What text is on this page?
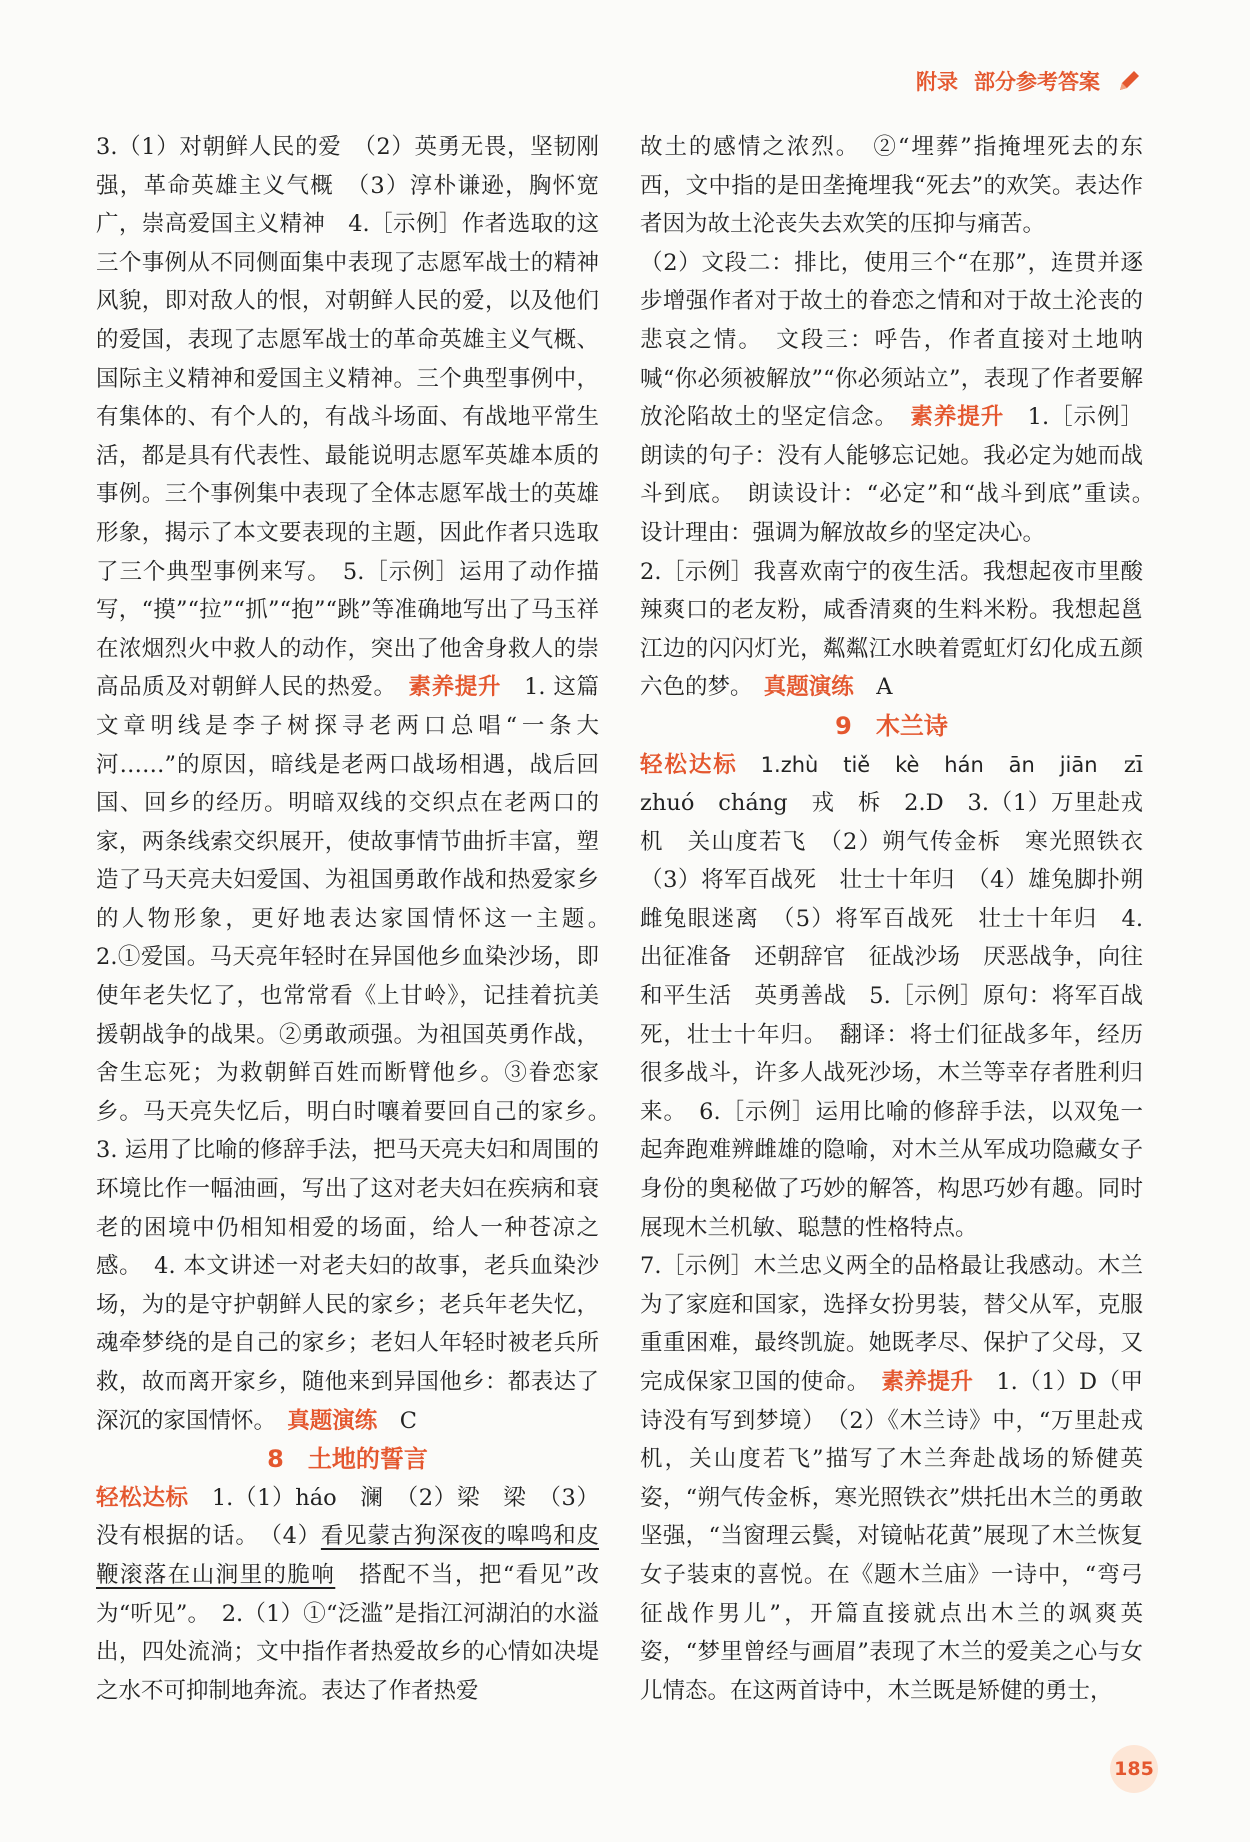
附录 部分参考答案

3.（1）对朝鲜人民的爱　（2）英勇无畏，坚韧刚强，革命英雄主义气概　（3）淳朴谦逊，胸怀宽广，崇高爱国主义精神　4.［示例］作者选取的这三个事例从不同侧面集中表现了志愿军战士的精神风貌，即对敌人的恨，对朝鲜人民的爱，以及他们的爱国，表现了志愿军战士的革命英雄主义气概、国际主义精神和爱国主义精神。三个典型事例中，有集体的、有个人的，有战斗场面、有战地平常生活，都是具有代表性、最能说明志愿军英雄本质的事例。三个事例集中表现了全体志愿军战士的英雄形象，揭示了本文要表现的主题，因此作者只选取了三个典型事例来写。　5.［示例］运用了动作描写，“摸”“拉”“抓”“抱”“跳”等准确地写出了马玉祥在浓烟烈火中救人的动作，突出了他舍身救人的崇高品质及对朝鲜人民的热爱。　素养提升　1. 这篇文章明线是李子树探寻老两口总唱“一条大河……”的原因，暗线是老两口战场相遇，战后回国、回乡的经历。明暗双线的交织点在老两口的家，两条线索交织展开，使故事情节曲折丰富，塑造了马天亮夫妇爱国、为祖国勇敢作战和热爱家乡的人物形象，更好地表达家国情怀这一主题。　2.①爱国。马天亮年轻时在异国他乡血染沙场，即使年老失忆了，也常常看《上甘岭》，记挂着抗美援朝战争的战果。②勇敢顽强。为祖国英勇作战，舍生忘死；为救朝鲜百姓而断臂他乡。③眷恋家乡。马天亮失忆后，明白时嚷着要回自己的家乡。　3. 运用了比喻的修辞手法，把马天亮夫妇和周围的环境比作一幅油画，写出了这对老夫妇在疾病和衰老的困境中仍相知相爱的场面，给人一种苍凉之感。　4. 本文讲述一对老夫妇的故事，老兵血染沙场，为的是守护朝鲜人民的家乡；老兵年老失忆，魂牵梦绕的是自己的家乡；老妇人年轻时被老兵所救，故而离开家乡，随他来到异国他乡：都表达了深沉的家国情怀。　真题演练　C

8　土地的誓言

轻松达标　1.（1）háo　澜　（2）梁　梁　（3）没有根据的话。　（4）看见蒙古狗深夜的嗥鸣和皮鞭滚落在山涧里的脆响　搭配不当，把“看见”改为“听见”。　2.（1）①“泛滥”是指江河湖泊的水溢出，四处流淌；文中指作者热爱故乡的心情如决堤之水不可抑制地奔流。表达了作者热爱

故土的感情之浓烈。　②“埋葬”指掩埋死去的东西，文中指的是田垄掩埋我“死去”的欢笑。表达作者因为故土沦丧失去欢笑的压抑与痛苦。

（2）文段二：排比，使用三个“在那”，连贯并逐步增强作者对于故土的眷恋之情和对于故土沦丧的悲哀之情。　文段三：呼告，作者直接对土地呐喊“你必须被解放”“你必须站立”，表现了作者要解放沦陷故土的坚定信念。　素养提升　1.［示例］朗读的句子：没有人能够忘记她。我必定为她而战斗到底。　朗读设计：“必定”和“战斗到底”重读。　设计理由：强调为解放故乡的坚定决心。

2.［示例］我喜欢南宁的夜生活。我想起夜市里酸辣爽口的老友粉，咸香清爽的生料米粉。我想起邕江边的闪闪灯光，粼粼江水映着霓虹灯幻化成五颜六色的梦。　真题演练　A

9　木兰诗

轻松达标　1.zhù　tiě　kè　hán　ān　jiān　zī　zhuó　cháng　戎　柝　2.D　3.（1）万里赴戎机　关山度若飞　（2）朔气传金柝　寒光照铁衣　（3）将军百战死　壮士十年归　（4）雄兔脚扑朔　雌兔眼迷离　（5）将军百战死　壮士十年归　4. 出征准备　还朝辞官　征战沙场　厌恶战争，向往和平生活　英勇善战　5.［示例］原句：将军百战死，壮士十年归。　翻译：将士们征战多年，经历很多战斗，许多人战死沙场，木兰等幸存者胜利归来。　6.［示例］运用比喻的修辞手法，以双兔一起奔跑难辨雌雄的隐喻，对木兰从军成功隐藏女子身份的奥秘做了巧妙的解答，构思巧妙有趣。同时展现木兰机敏、聪慧的性格特点。

7.［示例］木兰忠义两全的品格最让我感动。木兰为了家庭和国家，选择女扮男装，替父从军，克服重重困难，最终凯旋。她既孝尽、保护了父母，又完成保家卫国的使命。　素养提升　1.（1）D（甲诗没有写到梦境）　（2）《木兰诗》中，“万里赴戎机，关山度若飞”描写了木兰奔赴战场的矫健英姿，“朔气传金柝，寒光照铁衣”烘托出木兰的勇敢坚强，“当窗理云鬓，对镜帖花黄”展现了木兰恢复女子装束的喜悦。在《题木兰庙》一诗中，“弯弓征战作男儿”，开篇直接就点出木兰的飒爽英姿，“梦里曾经与画眉”表现了木兰的爱美之心与女儿情态。在这两首诗中，木兰既是矫健的勇士，

185
